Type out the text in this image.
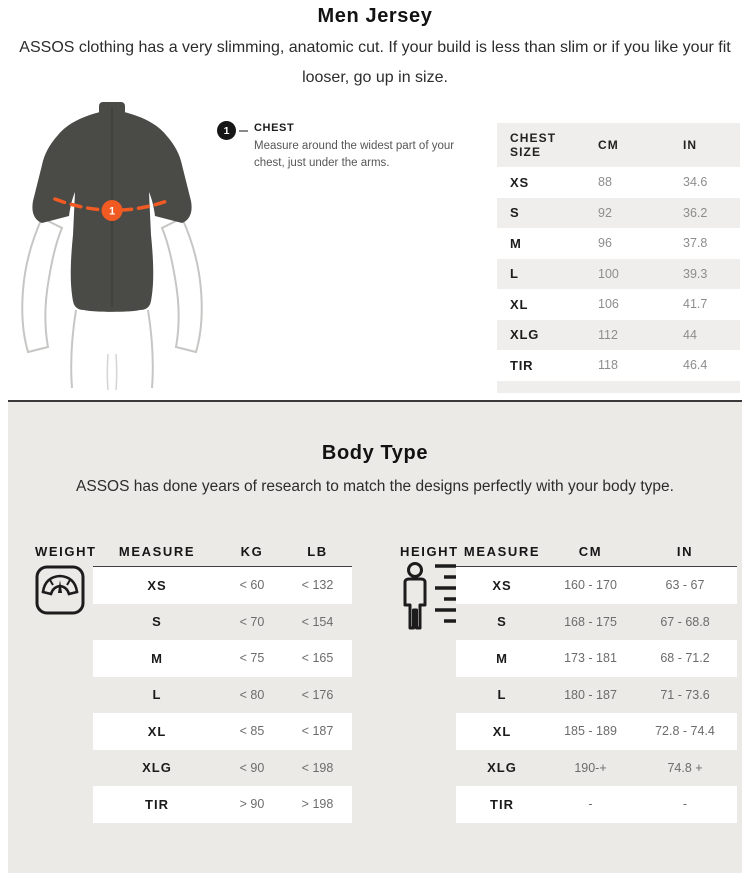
Men Jersey

ASSOS clothing has a very slimming, anatomic cut. If your build is less than slim or if you like your fit looser, go up in size.

1
1	CHEST
Measure around the widest part of your chest, just under the arms.
CHEST SIZE	CM	IN
XS	88	34.6
S	92	36.2
M	96	37.8
L	100	39.3
XL	106	41.7
XLG	112	44
TIR	118	46.4
Body Type

ASSOS has done years of research to match the designs perfectly with your body type.

WEIGHT MEASURE	KG	LB
XS	< 60	< 132
S	< 70	< 154
M	< 75	< 165
L	< 80	< 176
XL	< 85	< 187
XLG	< 90	< 198
TIR	> 90	> 198
HEIGHT MEASURE	CM	IN
XS	160 - 170	63 - 67
S	168 - 175	67 - 68.8
M	173 - 181	68 - 71.2
L	180 - 187	71 - 73.6
XL	185 - 189	72.8 - 74.4
XLG	190-+	74.8 +
TIR	-	-
